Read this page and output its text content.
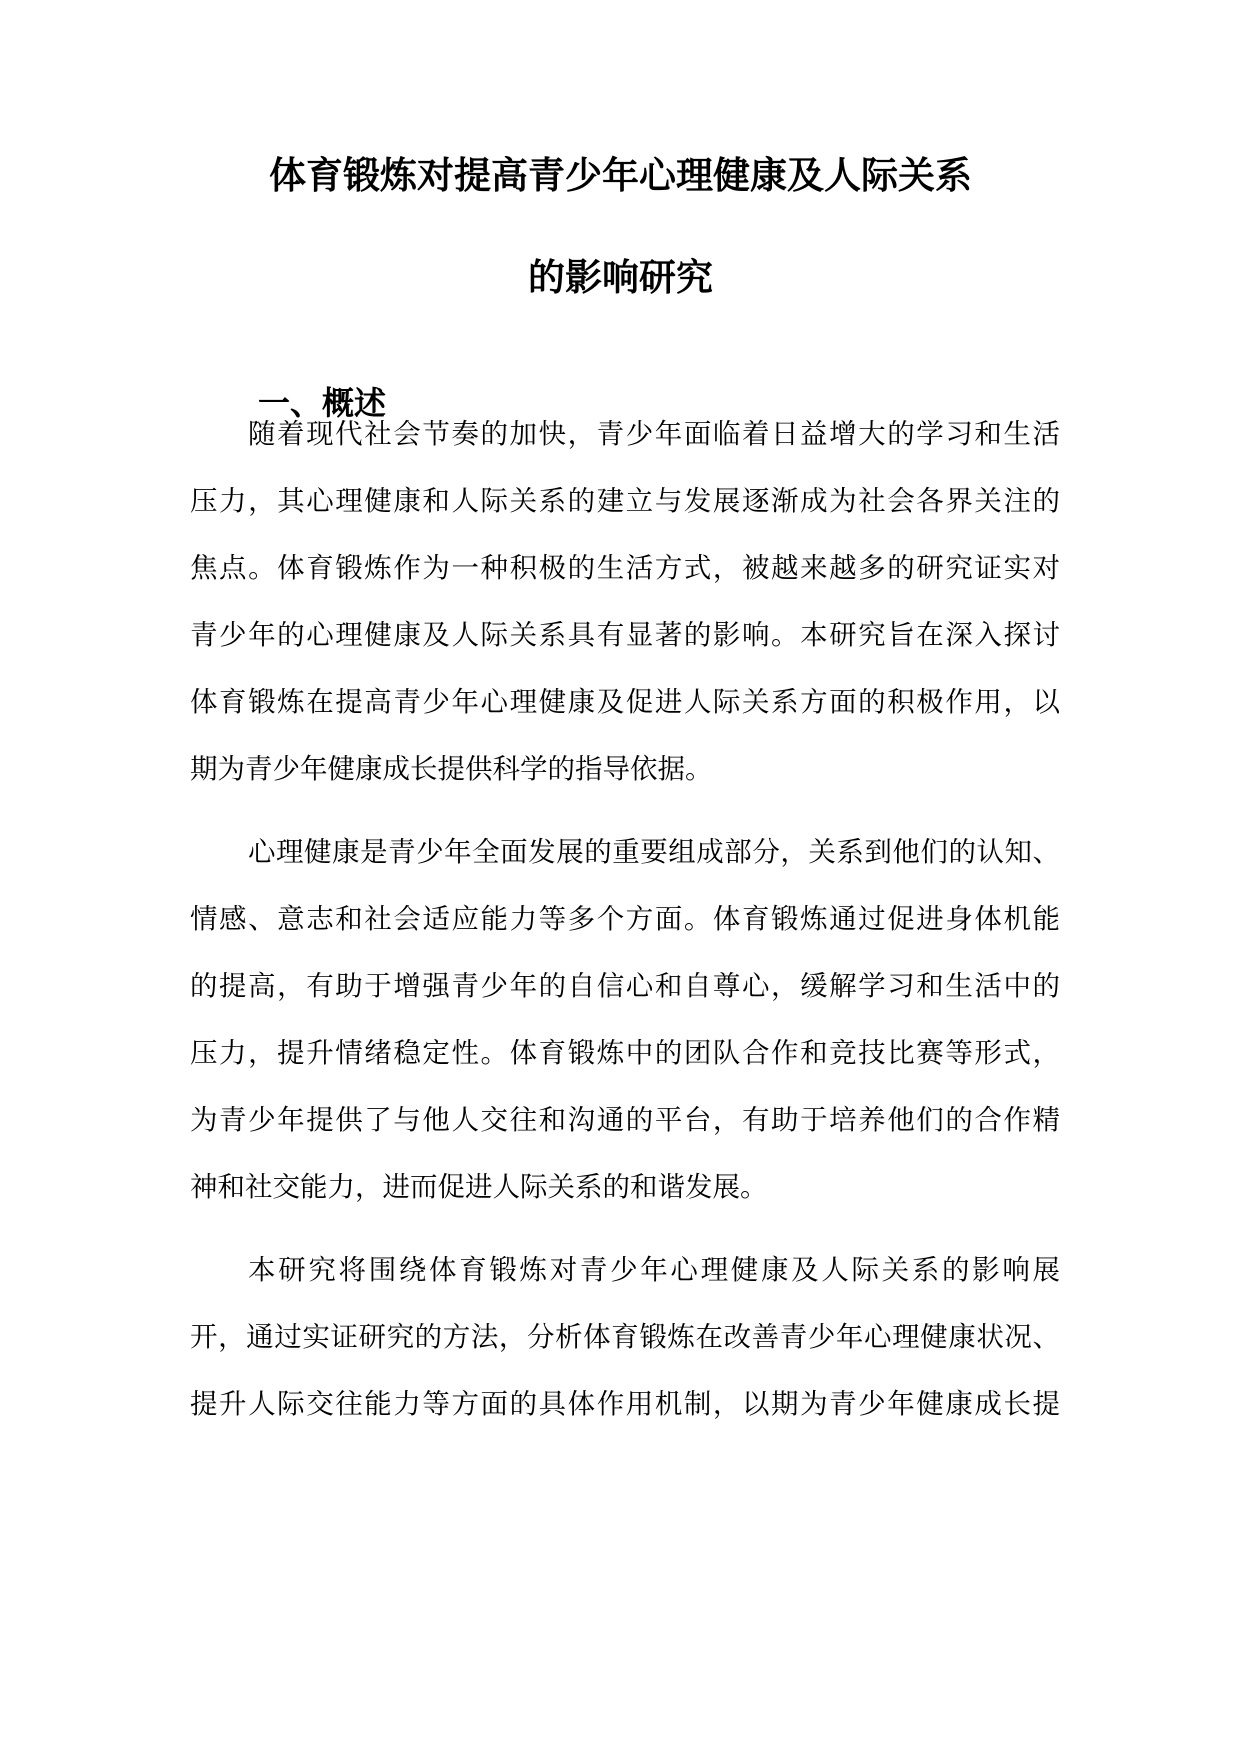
体育锻炼对提高青少年心理健康及人际关系
的影响研究
一、概述
随着现代社会节奏的加快，青少年面临着日益增大的学习和生活
压力，其心理健康和人际关系的建立与发展逐渐成为社会各界关注的
焦点。体育锻炼作为一种积极的生活方式，被越来越多的研究证实对
青少年的心理健康及人际关系具有显著的影响。本研究旨在深入探讨
体育锻炼在提高青少年心理健康及促进人际关系方面的积极作用，以
期为青少年健康成长提供科学的指导依据。
心理健康是青少年全面发展的重要组成部分，关系到他们的认知、
情感、意志和社会适应能力等多个方面。体育锻炼通过促进身体机能
的提高，有助于增强青少年的自信心和自尊心，缓解学习和生活中的
压力，提升情绪稳定性。体育锻炼中的团队合作和竞技比赛等形式，
为青少年提供了与他人交往和沟通的平台，有助于培养他们的合作精
神和社交能力，进而促进人际关系的和谐发展。
本研究将围绕体育锻炼对青少年心理健康及人际关系的影响展
开，通过实证研究的方法，分析体育锻炼在改善青少年心理健康状况、
提升人际交往能力等方面的具体作用机制，以期为青少年健康成长提
